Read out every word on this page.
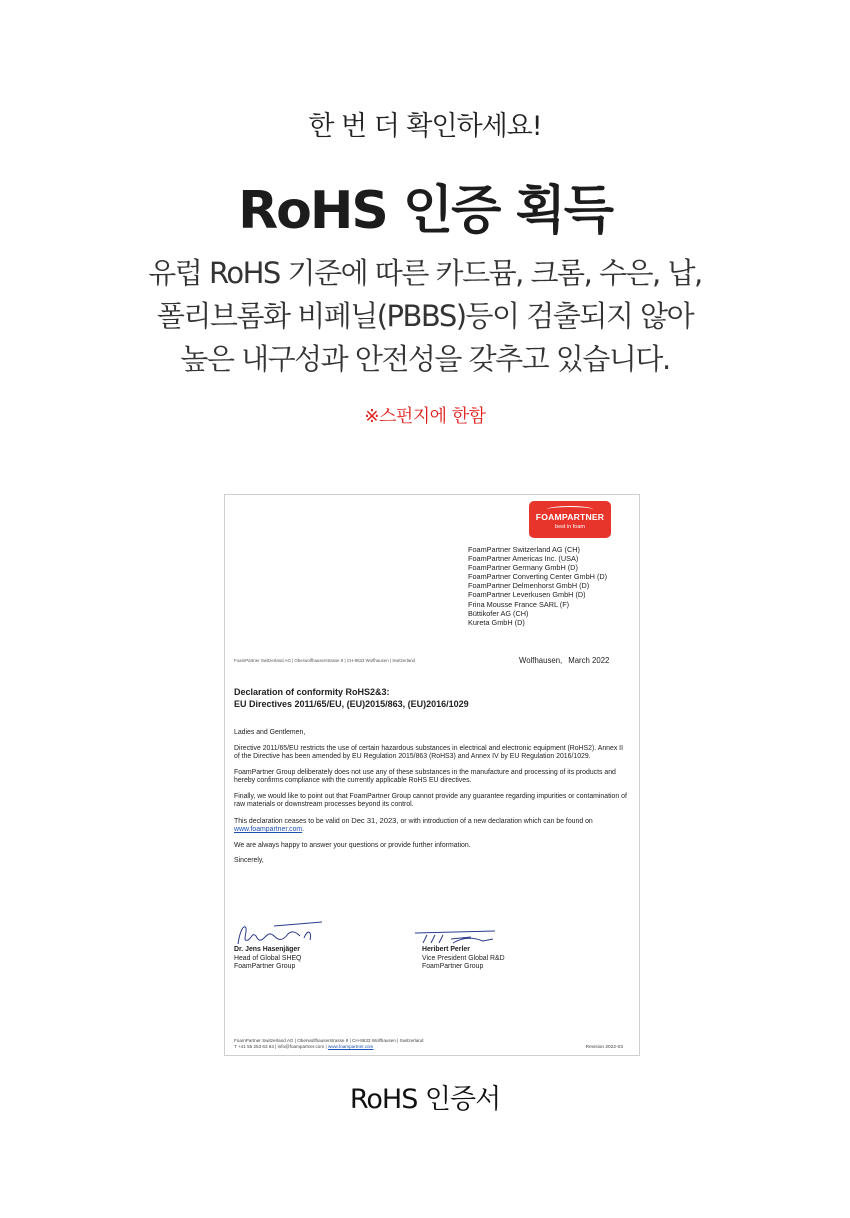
한 번 더 확인하세요!
RoHS 인증 획득
유럽 RoHS 기준에 따른 카드뮴, 크롬, 수은, 납,
폴리브롬화 비페닐(PBBS)등이 검출되지 않아
높은 내구성과 안전성을 갖추고 있습니다.
※스펀지에 한함
FOAMPARTNER
best in foam
FoamPartner Switzerland AG (CH)
FoamPartner Americas Inc. (USA)
FoamPartner Germany GmbH (D)
FoamPartner Converting Center GmbH (D)
FoamPartner Delmenhorst GmbH (D)
FoamPartner Leverkusen GmbH (D)
Frina Mousse France SARL (F)
Büttikofer AG (CH)
Kureta GmbH (D)
FoamPartner Switzerland AG | Oberwolfhauserstrasse 9 | CH-8633 Wolfhausen | Switzerland	Wolfhausen, March 2022
Declaration of conformity RoHS2&3:
EU Directives 2011/65/EU, (EU)2015/863, (EU)2016/1029

Ladies and Gentlemen,

Directive 2011/65/EU restricts the use of certain hazardous substances in electrical and electronic equipment (RoHS2). Annex II of the Directive has been amended by EU Regulation 2015/863 (RoHS3) and Annex IV by EU Regulation 2016/1029.

FoamPartner Group deliberately does not use any of these substances in the manufacture and processing of its products and hereby confirms compliance with the currently applicable RoHS EU directives.

Finally, we would like to point out that FoamPartner Group cannot provide any guarantee regarding impurities or contamination of raw materials or downstream processes beyond its control.

This declaration ceases to be valid on Dec 31, 2023, or with introduction of a new declaration which can be found on www.foampartner.com.

We are always happy to answer your questions or provide further information.

Sincerely,

Dr. Jens Hasenjäger
Head of Global SHEQ
FoamPartner Group
Heribert Perler
Vice President Global R&D
FoamPartner Group
FoamPartner Switzerland AG | Oberwolfhauserstrasse 9 | CH-8633 Wolfhausen | Switzerland
T +41 55 253 63 63 | info@foampartner.com | www.foampartner.com	Revision 2022-03
RoHS 인증서
